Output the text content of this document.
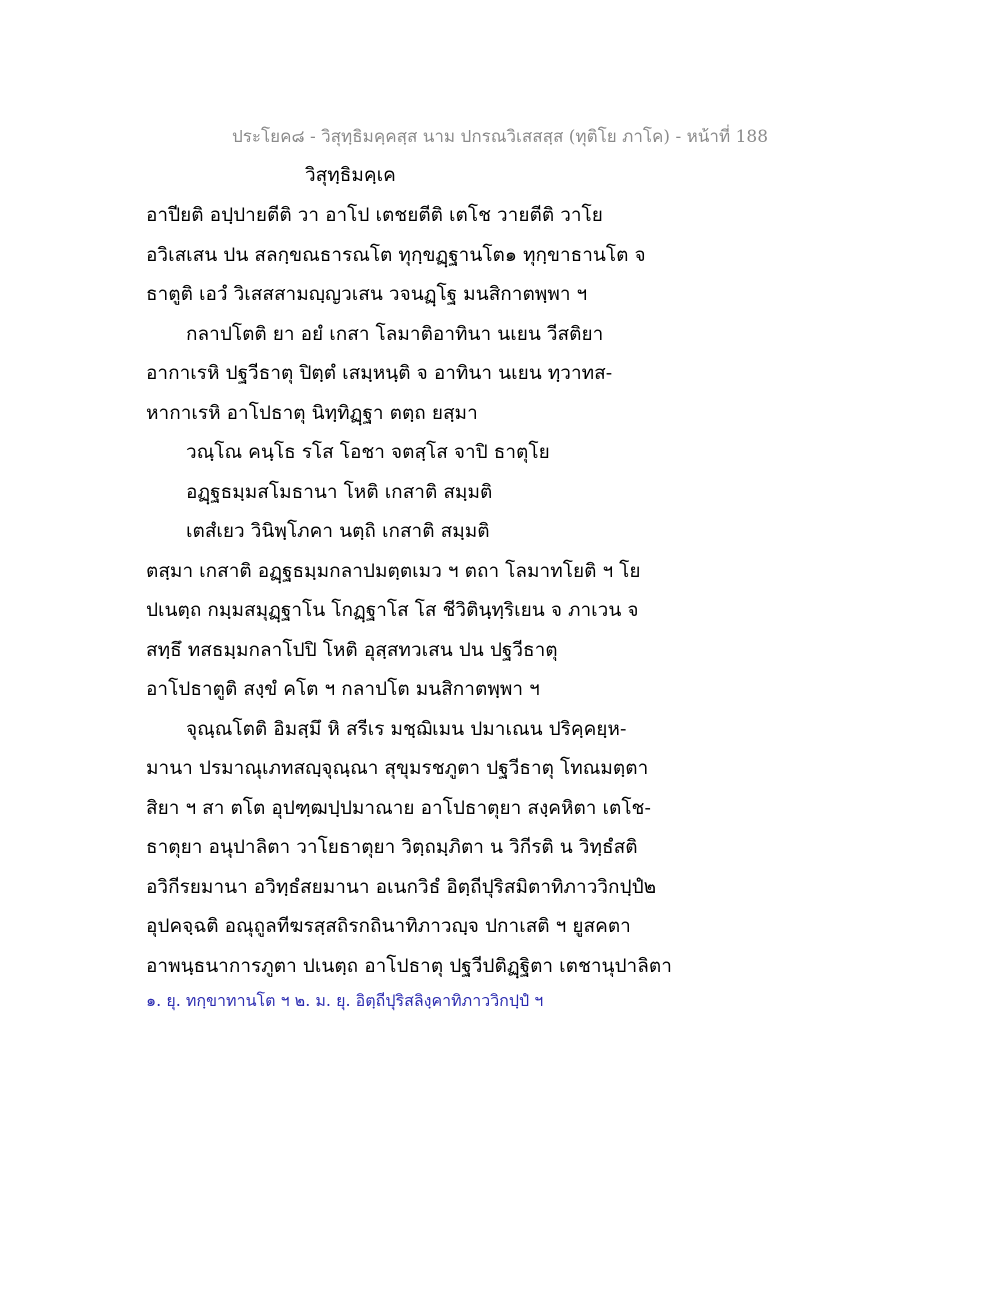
ประโยค๘ - วิสุทฺธิมคฺคสฺส นาม ปกรณวิเสสสฺส (ทุติโย ภาโค) - หน้าที่ 188
วิสุทฺธิมคฺเค
อาปียติ อปฺปายตีติ วา อาโป เตชยตีติ เตโช วายตีติ วาโย
อวิเสเสน ปน สลกฺขณธารณโต ทุกฺขฏฺฐานโต๑ ทุกฺขาธานโต จ
ธาตูติ เอวํ วิเสสสามญฺญวเสน วจนฏฺโฐ มนสิกาตพฺพา ฯ
กลาปโตติ ยา อยํ เกสา โลมาติอาทินา นเยน วีสติยา
อากาเรหิ ปฐวีธาตุ ปิตฺตํ เสมฺหนฺติ จ อาทินา นเยน ทฺวาทส-
หากาเรหิ อาโปธาตุ นิทฺทิฏฺฐา ตตฺถ ยสฺมา
วณฺโณ คนฺโธ รโส โอชา จตสฺโส จาปิ ธาตุโย
อฏฺฐธมฺมสโมธานา โหติ เกสาติ สมฺมติ
เตสํเยว วินิพฺโภคา นตฺถิ เกสาติ สมฺมติ
ตสฺมา เกสาติ อฏฺฐธมฺมกลาปมตฺตเมว ฯ ตถา โลมาทโยติ ฯ โย
ปเนตฺถ กมฺมสมุฏฺฐาโน โกฏฺฐาโส โส ชีวิตินฺทฺริเยน จ ภาเวน จ
สทฺธึ ทสธมฺมกลาโปปิ โหติ อุสฺสทวเสน ปน ปฐวีธาตุ
อาโปธาตูติ สงฺขํ คโต ฯ กลาปโต มนสิกาตพฺพา ฯ
จุณฺณโตติ อิมสฺมึ หิ สรีเร มชฺฌิเมน ปมาเณน ปริคฺคยฺห-
มานา ปรมาณุเภทสญฺจุณฺณา สุขุมรชภูตา ปฐวีธาตุ โทณมตฺตา
สิยา ฯ สา ตโต อุปฑฺฒปฺปมาณาย อาโปธาตุยา สงฺคหิตา เตโช-
ธาตุยา อนุปาลิตา วาโยธาตุยา วิตฺถมฺภิตา น วิกีรติ น วิทฺธํสติ
อวิกีรยมานา อวิทฺธํสยมานา อเนกวิธํ อิตฺถีปุริสมิตาทิภาววิกปฺปํ๒
อุปคจฺฉติ อณุถูลทีฆรสฺสถิรกถินาทิภาวญฺจ ปกาเสติ ฯ ยูสคตา
อาพนฺธนาการภูตา ปเนตฺถ อาโปธาตุ ปฐวีปติฏฺฐิตา เตชานุปาลิตา
๑. ยุ. ทกฺขาทานโต ฯ ๒. ม. ยุ. อิตฺถีปุริสลิงฺคาทิภาววิกปฺปํ ฯ
